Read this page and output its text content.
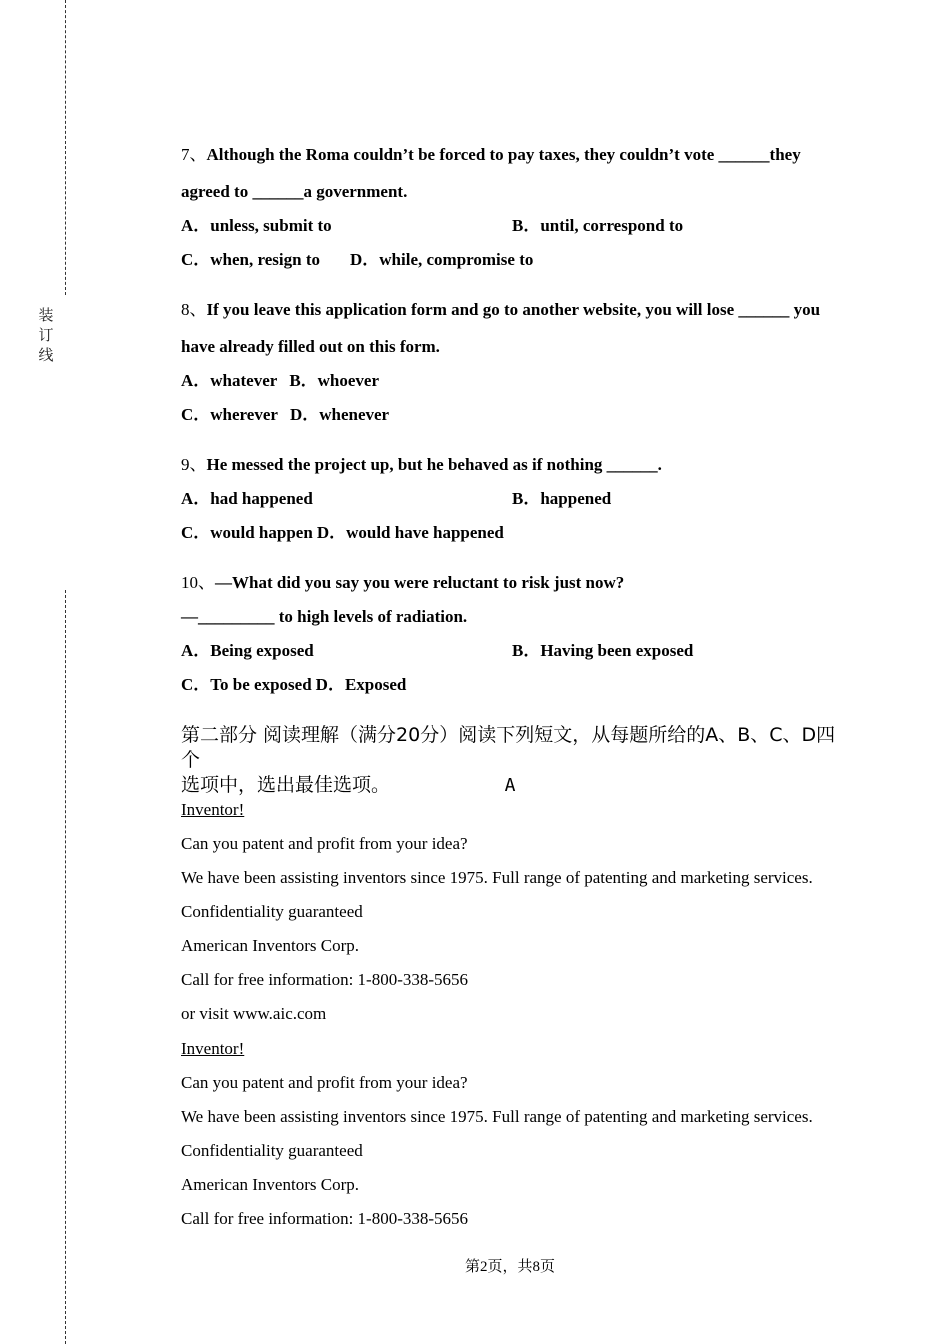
装
订
线
7、Although the Roma couldn’t be forced to pay taxes, they couldn’t vote ______they
agreed to ______a government.
A．unless, submit to	B．until, correspond to
C．when, resign to D．while, compromise to
8、If you leave this application form and go to another website, you will lose ______ you
have already filled out on this form.
A．whatever B．whoever
C．wherever D．whenever
9、He messed the project up, but he behaved as if nothing ______.
A．had happened	B．happened
C．would happen D．would have happened
10、—What did you say you were reluctant to risk just now?
—_________ to high levels of radiation.
A．Being exposed	B．Having been exposed
C．To be exposed D．Exposed
第二部分 阅读理解（满分20分）阅读下列短文，从每题所给的A、B、C、D四个
选项中，选出最佳选项。	A
Inventor!
Can you patent and profit from your idea?
We have been assisting inventors since 1975. Full range of patenting and marketing services.
Confidentiality guaranteed
American Inventors Corp.
Call for free information: 1-800-338-5656
or visit www.aic.com
Inventor!
Can you patent and profit from your idea?
We have been assisting inventors since 1975. Full range of patenting and marketing services.
Confidentiality guaranteed
American Inventors Corp.
Call for free information: 1-800-338-5656
第2页，共8页
